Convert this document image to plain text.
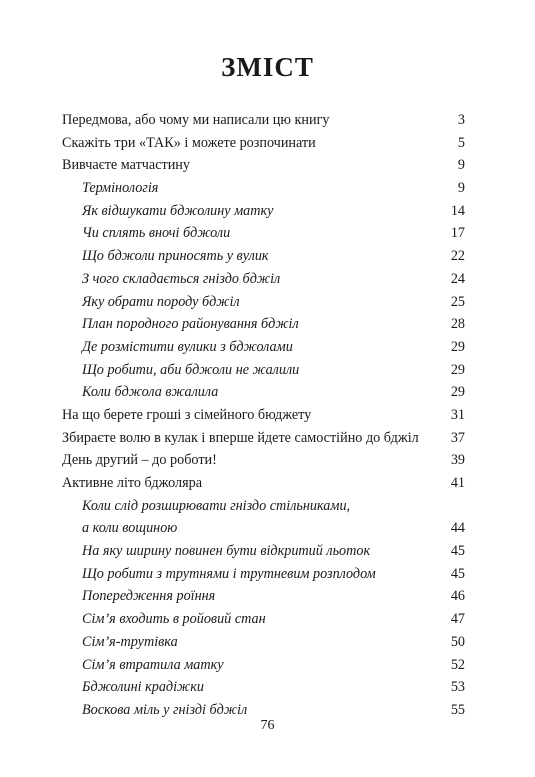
ЗМІСТ
Передмова, або чому ми написали цю книгу	3
Скажіть три «ТАК» і можете розпочинати	5
Вивчаєте матчастину	9
Термінологія	9
Як відшукати бджолину матку	14
Чи сплять вночі бджоли	17
Що бджоли приносять у вулик	22
З чого складається гніздо бджіл	24
Яку обрати породу бджіл	25
План породного районування бджіл	28
Де розмістити вулики з бджолами	29
Що робити, аби бджоли не жалили	29
Коли бджола вжалила	29
На що берете гроші з сімейного бюджету	31
Збираєте волю в кулак і вперше йдете самостійно до бджіл 37
День другий – до роботи!	39
Активне літо бджоляра	41
Коли слід розширювати гніздо стільниками,
а коли вощиною	44
На яку ширину повинен бути відкритий льоток	45
Що робити з трутнями і трутневим розплодом	45
Попередження роїння	46
Сім’я входить в ройовий стан	47
Сім’я-трутівка	50
Сім’я втратила матку	52
Бджолині крадіжки	53
Воскова міль у гнізді бджіл	55
76
